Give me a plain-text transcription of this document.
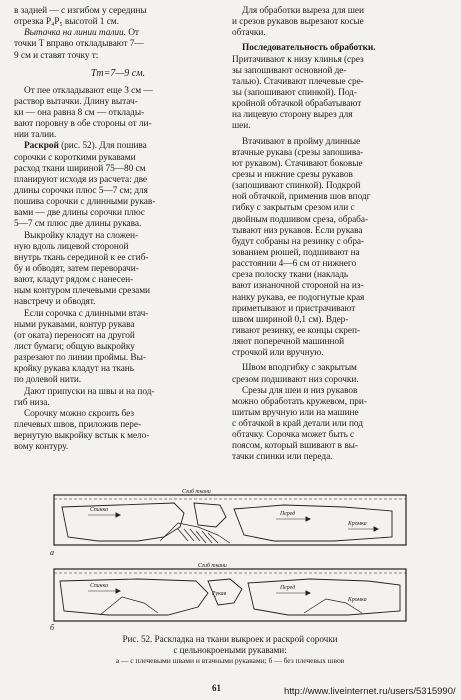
в задней — с изгибом у середины
отрезка P₄P₅ высотой 1 см.
Вытачка на линии талии. От
точки T вправо откладывают 7—
9 см и ставят точку т:
Тт=7—9 см.
От пее откладывают еще 3 см —
раствор вытачки. Длину вытач-
ки — она равна 8 см — отклады-
вают поровну в обе стороны от ли-
нии талии.
Раскрой (рис. 52). Для пошива
сорочки с короткими рукавами
расход ткани шириной 75—80 см
планируют исходя из расчета: две
длины сорочки плюс 5—7 см; для
пошива сорочки с длинными рукав-
вами — две длины сорочки плюс
5—7 см плюс две длины рукава.
Выкройку кладут на сложен-
ную вдоль лицевой стороной
внутрь ткань серединой к ее сгиб-
бу и обводят, затем переворачи-
вают, кладут рядом с нанесен-
ным контуром плечевыми срезами
навстречу и обводят.
Если сорочка с длинными втач-
ными рукавами, контур рукава
(от оката) переносят на другой
лист бумаги; общую выкройку
разрезают по линии проймы. Вы-
кройку рукава кладут на ткань
по долевой нити.
Дают припуски на швы и на под-
гиб низа.
Сорочку можно скроить без
плечевых швов, приложив пере-
вернутую выкройку встык к мело-
вому контуру.
Для обработки выреза для шеи
и срезов рукавов вырезают косые
обтачки.
Последовательность обработки.
Притачивают к низу клинья (срез
зы запошивают основной де-
талью). Стачивают плечевые сре-
зы (запошивают спинкой). Под-
кройной обтачкой обрабатывают
на лицевую сторону вырез для
шеи.
Втачивают в пройму длинные
втачные рукава (срезы запошива-
ют рукавом). Стачивают боковые
срезы и нижние срезы рукавов
(запошивают спинкой). Подкрой
ной обтачкой, применив шов вподг
гибку с закрытым срезом или с
двойным подшивом среза, обраба-
тывают низ рукавов. Если рукава
будут собраны на резинку с обра-
зованием рюшей, подшивают на
расстоянии 4—6 см от нижнего
среза полоску ткани (накладь
вают изнаночной стороной на из-
нанку рукава, ее подогнутые края
приметывают и пристрачивают
швом шириной 0,1 см). Вдер-
гивают резинку, ее концы скреп-
ляют поперечной машинной
строчкой или вручную.
Швом вподгибку с закрытым
срезом подшивают низ сорочки.
Срезы для шеи и низ рукавов
можно обработать кружевом, при-
шитым вручную или на машине
с обтачкой в край детали или под
обтачку. Сорочка может быть с
поясом, который вшивают в вы-
тачки спинки или переда.
Сгиб ткани
Спинка
Перед
Кромка
Сгиб ткани
Спинка	Перед
Рукав
Кромка
а
б
Рис. 52. Раскладка на ткани выкроек и раскрой сорочки
с цельнокроеными рукавами:
а — с плечевыми швами и втачными рукавами; б — без плечевых швов
61	http://www.liveinternet.ru/users/5315990/
